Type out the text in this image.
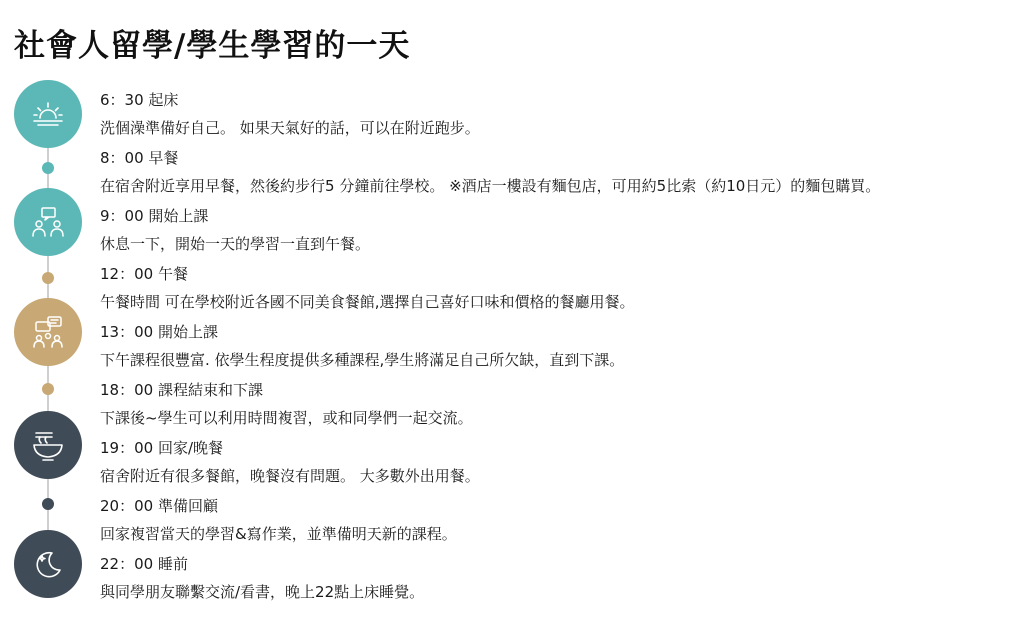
社會人留學/學生學習的一天
6：30 起床
洗個澡準備好自己。 如果天氣好的話，可以在附近跑步。
8：00 早餐
在宿舍附近享用早餐，然後約步行5 分鐘前往學校。 ※酒店一樓設有麵包店，可用約5比索（約10日元）的麵包購買。
9：00 開始上課
休息一下，開始一天的學習一直到午餐。
12：00 午餐
午餐時間 可在學校附近各國不同美食餐館,選擇自己喜好口味和價格的餐廳用餐。
13：00 開始上課
下午課程很豐富. 依學生程度提供多種課程,學生將滿足自己所欠缺，直到下課。
18：00 課程結束和下課
下課後~學生可以利用時間複習，或和同學們一起交流。
19：00 回家/晚餐
宿舍附近有很多餐館，晚餐沒有問題。 大多數外出用餐。
20：00 準備回顧
回家複習當天的學習&寫作業，並準備明天新的課程。
22：00 睡前
與同學朋友聯繫交流/看書，晚上22點上床睡覺。
